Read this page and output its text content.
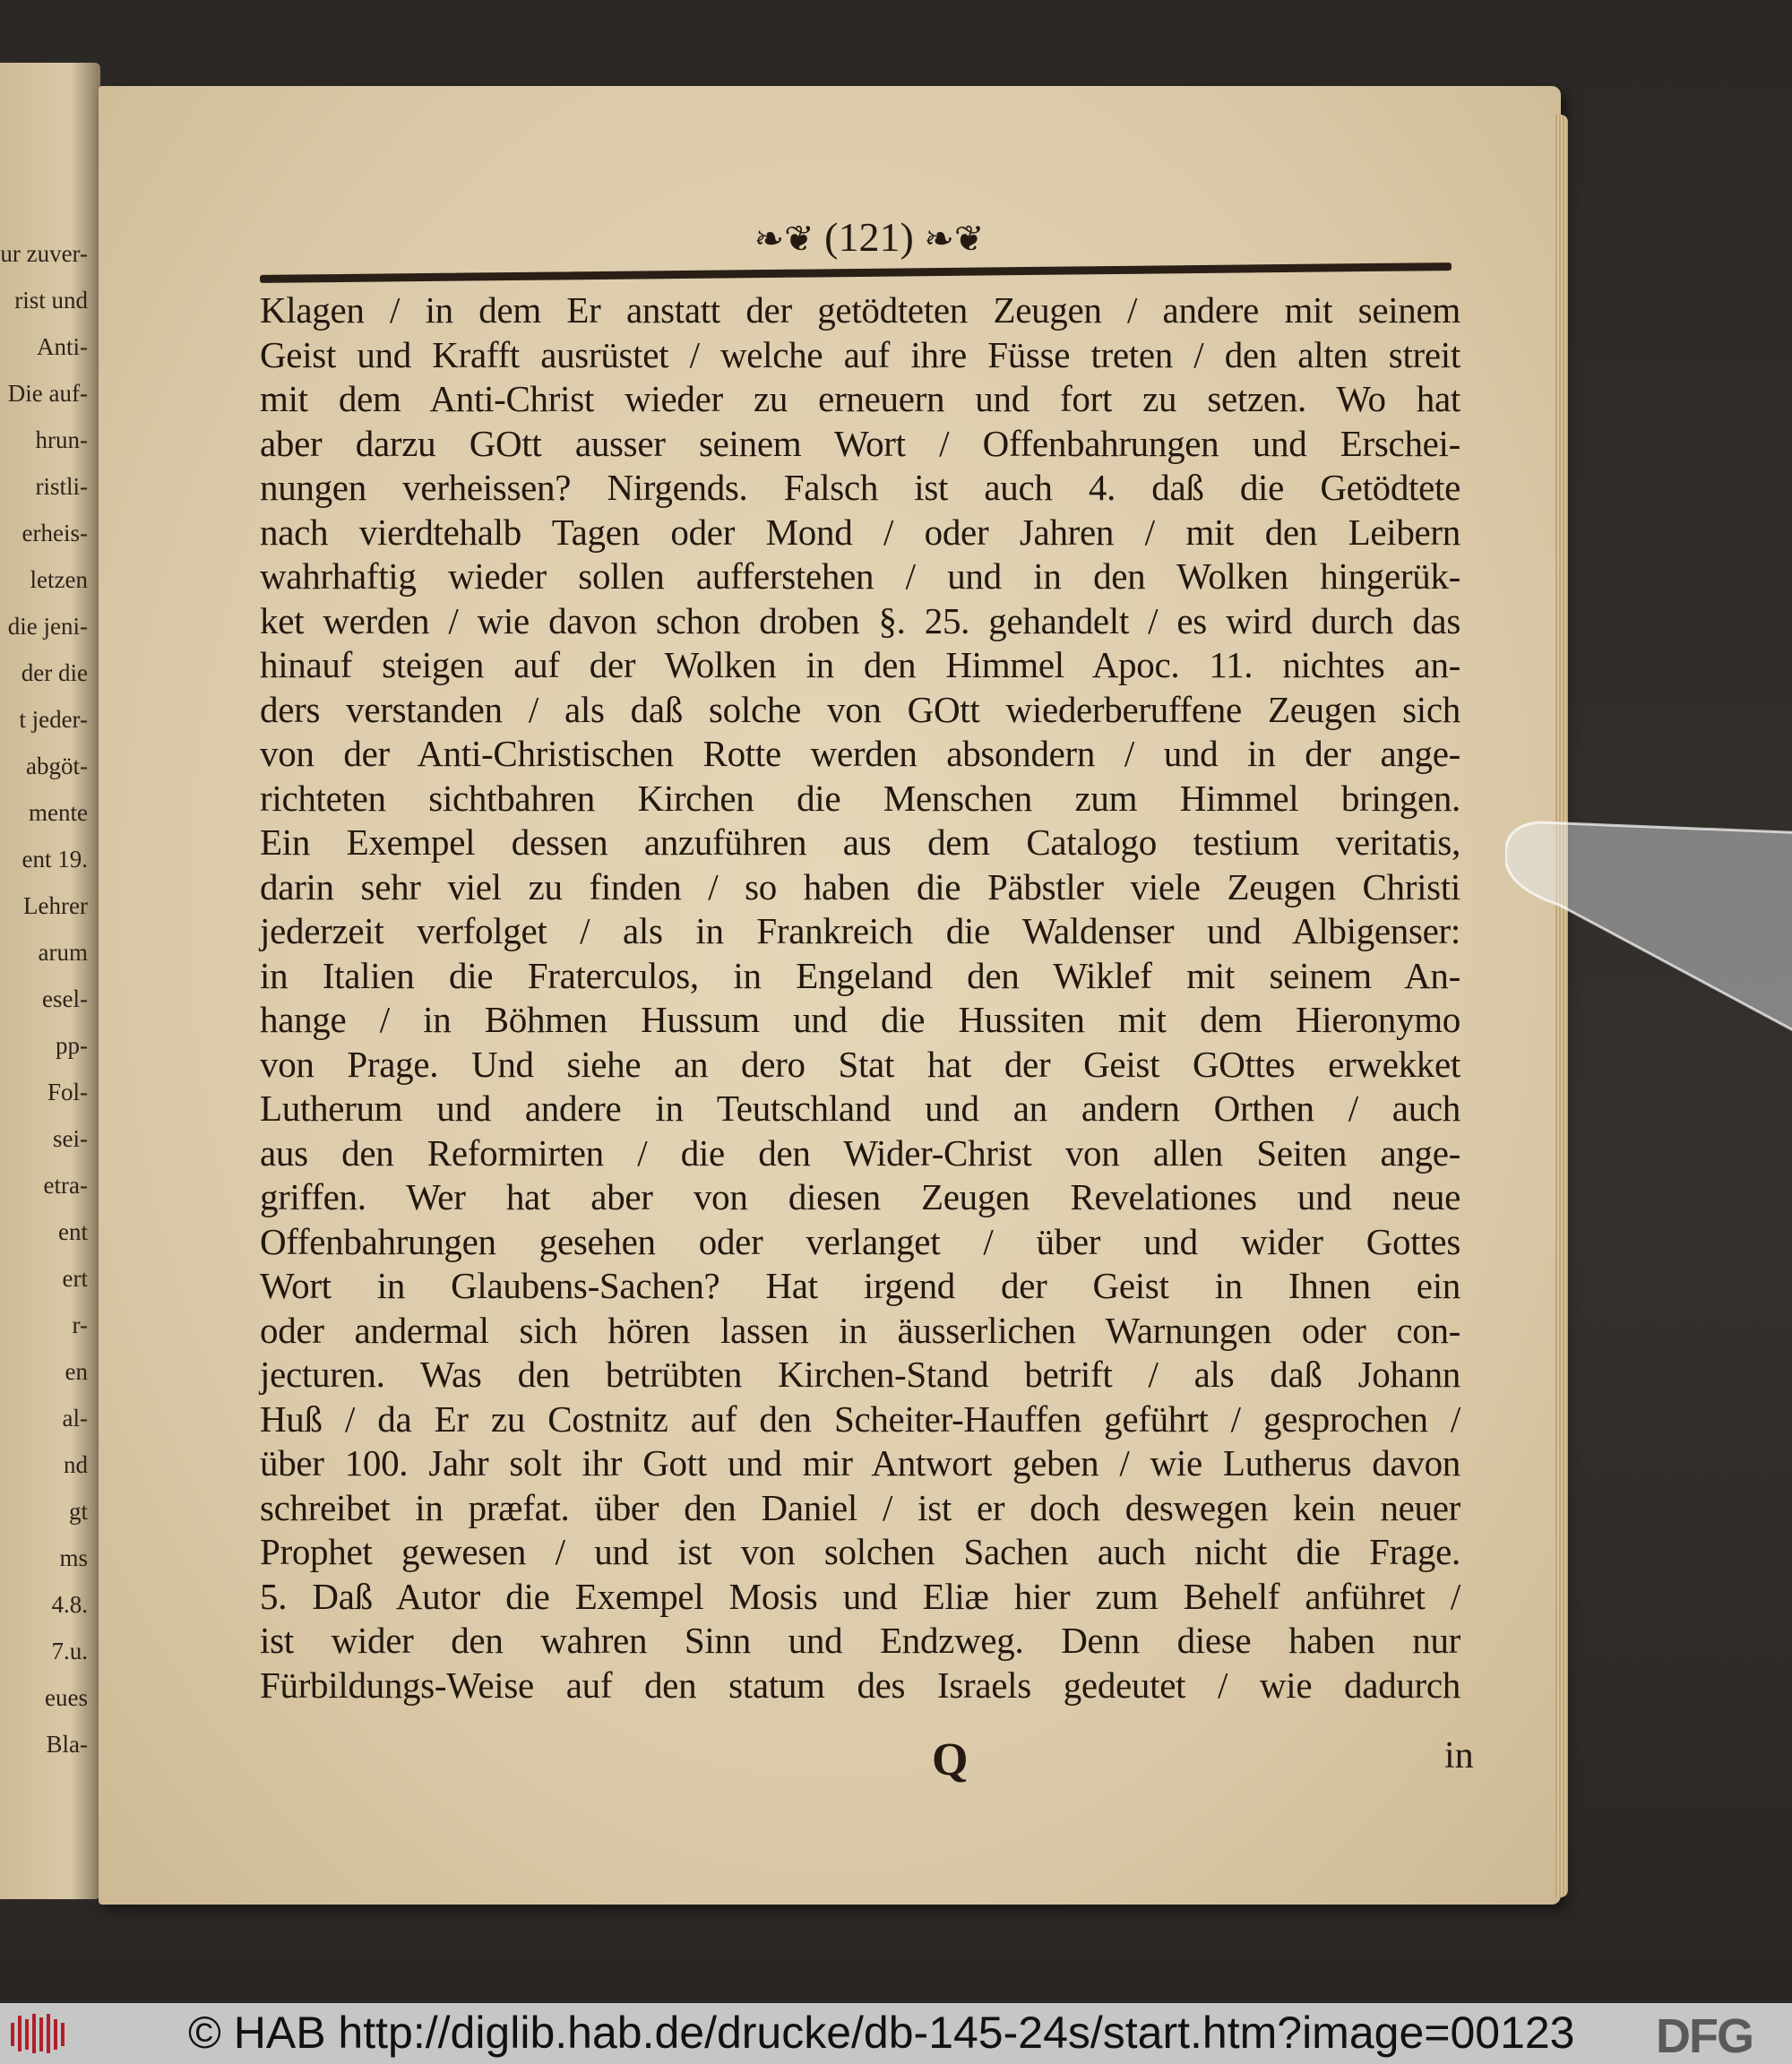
ur zuver-
rist und
Anti-
Die auf-
hrun-
ristli-
erheis-
letzen
die jeni-
der die
t jeder-
abgöt-
mente
ent 19.
Lehrer
arum
esel-
pp-
Fol-
sei-
etra-
ent
ert
r-
en
al-
nd
gt
ms
4.8.
7.u.
eues
Bla-
❧❦ (121) ❧❦
Klagen / in dem Er anstatt der getödteten Zeugen / andere mit seinem
Geist und Krafft ausrüstet / welche auf ihre Füsse treten / den alten streit
mit dem Anti-Christ wieder zu erneuern und fort zu setzen. Wo hat
aber darzu GOtt ausser seinem Wort / Offenbahrungen und Erschei-
nungen verheissen? Nirgends. Falsch ist auch 4. daß die Getödtete
nach vierdtehalb Tagen oder Mond / oder Jahren / mit den Leibern
wahrhaftig wieder sollen aufferstehen / und in den Wolken hingerük-
ket werden / wie davon schon droben §. 25. gehandelt / es wird durch das
hinauf steigen auf der Wolken in den Himmel Apoc. 11. nichtes an-
ders verstanden / als daß solche von GOtt wiederberuffene Zeugen sich
von der Anti-Christischen Rotte werden absondern / und in der ange-
richteten sichtbahren Kirchen die Menschen zum Himmel bringen.
Ein Exempel dessen anzuführen aus dem Catalogo testium veritatis,
darin sehr viel zu finden / so haben die Päbstler viele Zeugen Christi
jederzeit verfolget / als in Frankreich die Waldenser und Albigenser:
in Italien die Fraterculos, in Engeland den Wiklef mit seinem An-
hange / in Böhmen Hussum und die Hussiten mit dem Hieronymo
von Prage. Und siehe an dero Stat hat der Geist GOttes erwekket
Lutherum und andere in Teutschland und an andern Orthen / auch
aus den Reformirten / die den Wider-Christ von allen Seiten ange-
griffen. Wer hat aber von diesen Zeugen Revelationes und neue
Offenbahrungen gesehen oder verlanget / über und wider Gottes
Wort in Glaubens-Sachen? Hat irgend der Geist in Ihnen ein
oder andermal sich hören lassen in äusserlichen Warnungen oder con-
jecturen. Was den betrübten Kirchen-Stand betrift / als daß Johann
Huß / da Er zu Costnitz auf den Scheiter-Hauffen geführt / gesprochen /
über 100. Jahr solt ihr Gott und mir Antwort geben / wie Lutherus davon
schreibet in præfat. über den Daniel / ist er doch deswegen kein neuer
Prophet gewesen / und ist von solchen Sachen auch nicht die Frage.
5. Daß Autor die Exempel Mosis und Eliæ hier zum Behelf anführet /
ist wider den wahren Sinn und Endzweg. Denn diese haben nur
Fürbildungs-Weise auf den statum des Israels gedeutet / wie dadurch
Q	in
© HAB http://diglib.hab.de/drucke/db-145-24s/start.htm?image=00123 DFG
